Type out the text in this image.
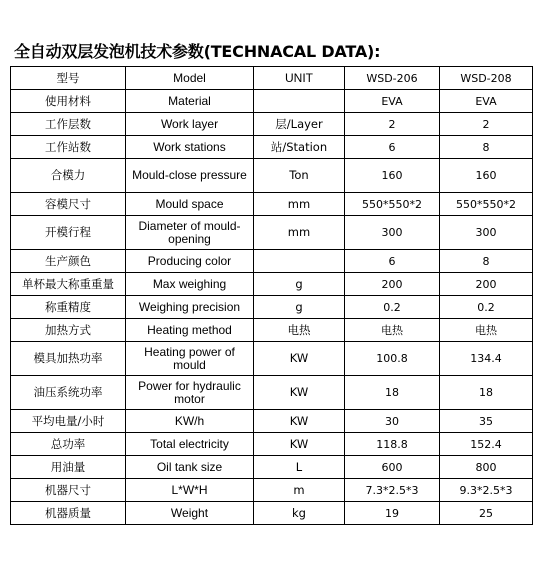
全自动双层发泡机技术参数(TECHNACAL DATA):
型号	Model	UNIT	WSD-206	WSD-208
使用材料	Material		EVA	EVA
工作层数	Work layer	层/Layer	2	2
工作站数	Work stations	站/Station	6	8
合模力	Mould-close pressure	Ton	160	160
容模尺寸	Mould space	mm	550*550*2	550*550*2
开模行程	Diameter of mould-opening	mm	300	300
生产颜色	Producing color		6	8
单杯最大称重重量	Max weighing	g	200	200
称重精度	Weighing precision	g	0.2	0.2
加热方式	Heating method	电热	电热	电热
模具加热功率	Heating power of mould	KW	100.8	134.4
油压系统功率	Power for hydraulic motor	KW	18	18
平均电量/小时	KW/h	KW	30	35
总功率	Total electricity	KW	118.8	152.4
用油量	Oil tank size	L	600	800
机器尺寸	L*W*H	m	7.3*2.5*3	9.3*2.5*3
机器质量	Weight	kg	19	25
